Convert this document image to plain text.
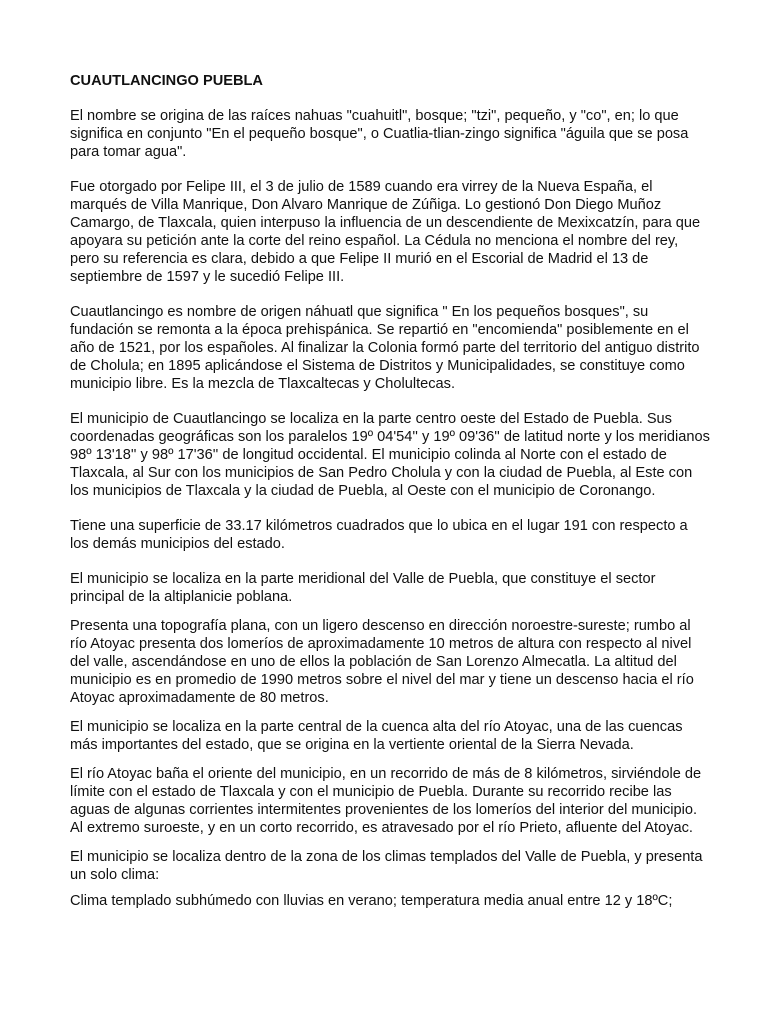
CUAUTLANCINGO PUEBLA

El nombre se origina de las raíces nahuas "cuahuitl", bosque; "tzi", pequeño, y "co", en; lo que significa en conjunto "En el pequeño bosque", o Cuatlia-tlian-zingo significa "águila que se posa para tomar agua".

Fue otorgado por Felipe III, el 3 de julio de 1589 cuando era virrey de la Nueva España, el marqués de Villa Manrique, Don Alvaro Manrique de Zúñiga. Lo gestionó Don Diego Muñoz Camargo, de Tlaxcala, quien interpuso la influencia de un descendiente de Mexixcatzín, para que apoyara su petición ante la corte del reino español. La Cédula no menciona el nombre del rey, pero su referencia es clara, debido a que Felipe II murió en el Escorial de Madrid el 13 de septiembre de 1597 y le sucedió Felipe III.

Cuautlancingo es nombre de origen náhuatl que significa " En los pequeños bosques", su fundación se remonta a la época prehispánica. Se repartió en "encomienda" posiblemente en el año de 1521, por los españoles. Al finalizar la Colonia formó parte del territorio del antiguo distrito de Cholula; en 1895 aplicándose el Sistema de Distritos y Municipalidades, se constituye como municipio libre. Es la mezcla de Tlaxcaltecas y Cholultecas.

El municipio de Cuautlancingo se localiza en la parte centro oeste del Estado de Puebla. Sus coordenadas geográficas son los paralelos 19º 04'54'' y 19º 09'36'' de latitud norte y los meridianos 98º 13'18'' y 98º 17'36'' de longitud occidental. El municipio colinda al Norte con el estado de Tlaxcala, al Sur con los municipios de San Pedro Cholula y con la ciudad de Puebla, al Este con los municipios de Tlaxcala y la ciudad de Puebla, al Oeste con el municipio de Coronango.

Tiene una superficie de 33.17 kilómetros cuadrados que lo ubica en el lugar 191 con respecto a los demás municipios del estado.

El municipio se localiza en la parte meridional del Valle de Puebla, que constituye el sector principal de la altiplanicie poblana.

Presenta una topografía plana, con un ligero descenso en dirección noroestre-sureste; rumbo al río Atoyac presenta dos lomeríos de aproximadamente 10 metros de altura con respecto al nivel del valle, ascendándose en uno de ellos la población de San Lorenzo Almecatla. La altitud del municipio es en promedio de 1990 metros sobre el nivel del mar y tiene un descenso hacia el río Atoyac aproximadamente de 80 metros.

El municipio se localiza en la parte central de la cuenca alta del río Atoyac, una de las cuencas más importantes del estado, que se origina en la vertiente oriental de la Sierra Nevada.

El río Atoyac baña el oriente del municipio, en un recorrido de más de 8 kilómetros, sirviéndole de límite con el estado de Tlaxcala y con el municipio de Puebla. Durante su recorrido recibe las aguas de algunas corrientes intermitentes provenientes de los lomeríos del interior del municipio. Al extremo suroeste, y en un corto recorrido, es atravesado por el río Prieto, afluente del Atoyac.

El municipio se localiza dentro de la zona de los climas templados del Valle de Puebla, y presenta un solo clima:

Clima templado subhúmedo con lluvias en verano; temperatura media anual entre 12 y 18ºC;
